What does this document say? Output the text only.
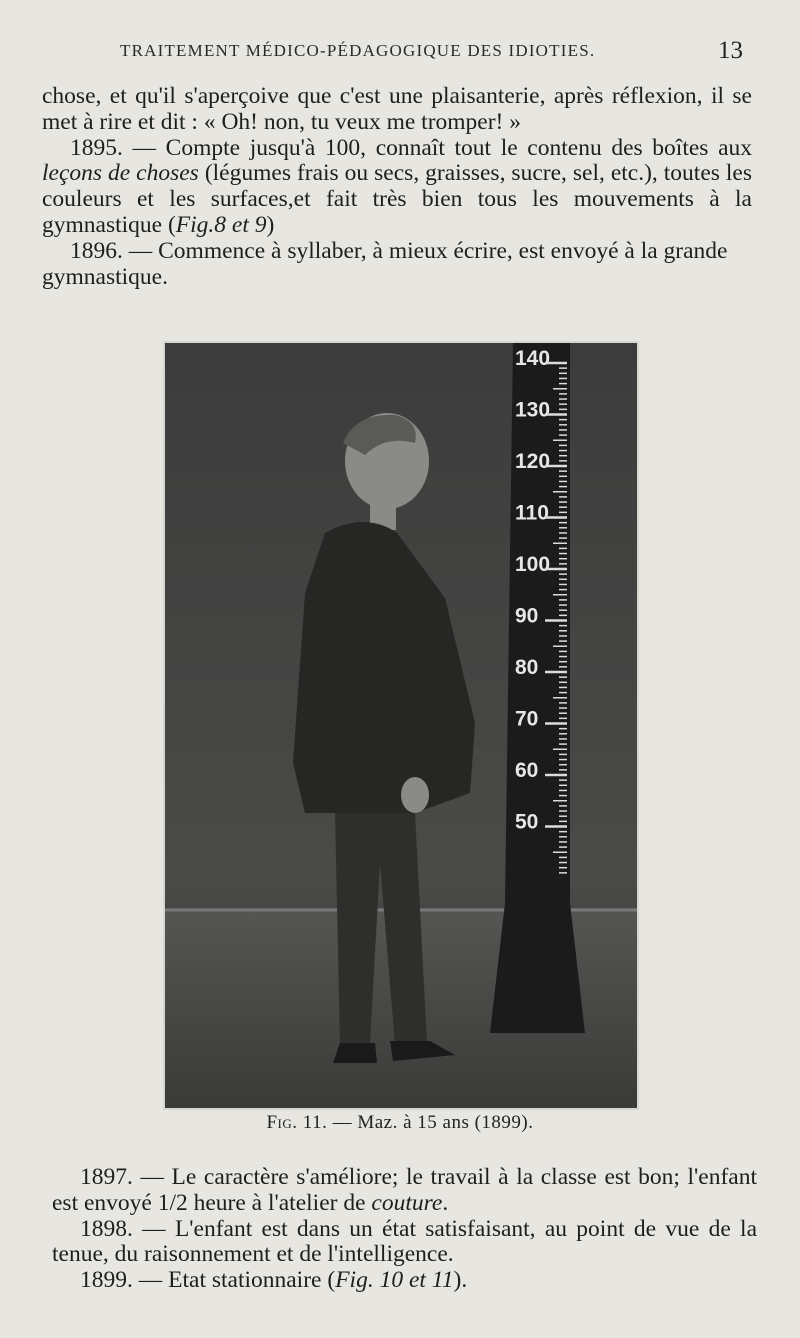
TRAITEMENT MÉDICO-PÉDAGOGIQUE DES IDIOTIES.	13

chose, et qu'il s'aperçoive que c'est une plaisanterie, après réflexion, il se met à rire et dit : « Oh! non, tu veux me tromper! »

1895. — Compte jusqu'à 100, connaît tout le contenu des boîtes aux leçons de choses (légumes frais ou secs, graisses, sucre, sel, etc.), toutes les couleurs et les surfaces,et fait très bien tous les mouvements à la gymnastique (Fig.8 et 9)

1896. — Commence à syllaber, à mieux écrire, est envoyé à la grande gymnastique.

140
130
120
110
100
90
80
70
60
50
Fig. 11. — Maz. à 15 ans (1899).

1897. — Le caractère s'améliore; le travail à la classe est bon; l'enfant est envoyé 1/2 heure à l'atelier de couture.

1898. — L'enfant est dans un état satisfaisant, au point de vue de la tenue, du raisonnement et de l'intelligence.

1899. — Etat stationnaire (Fig. 10 et 11).
